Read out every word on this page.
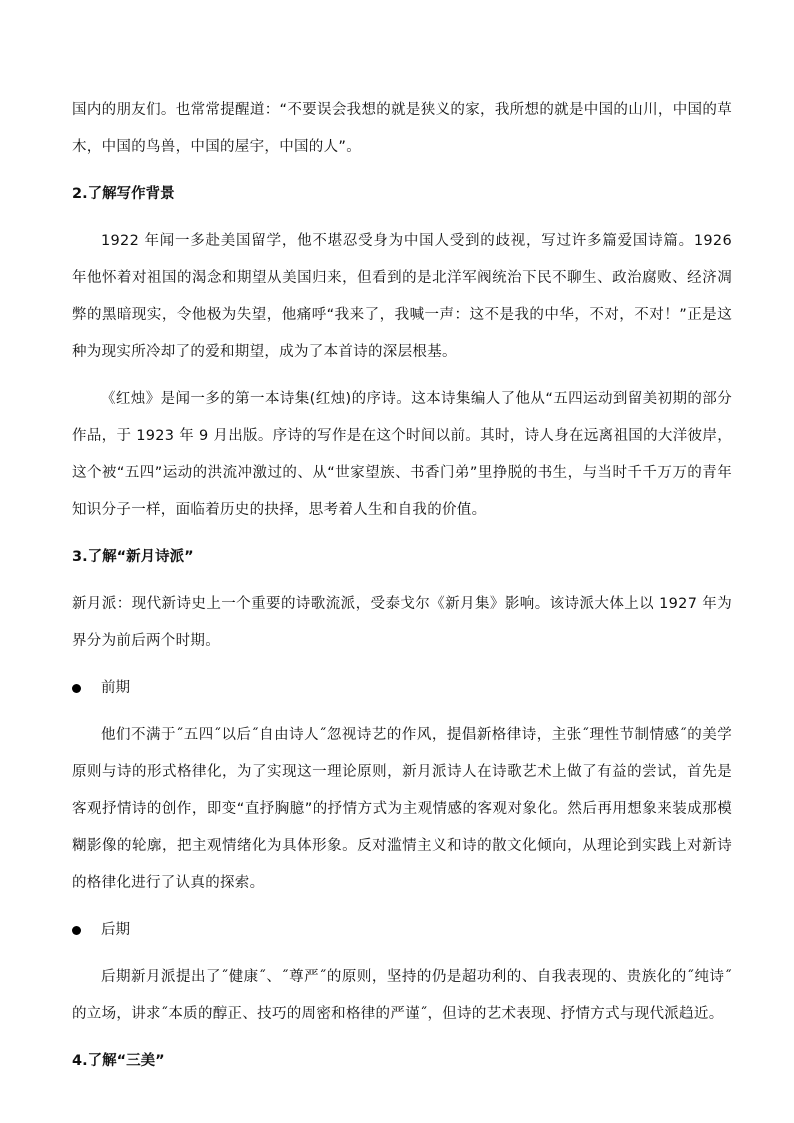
国内的朋友们。也常常提醒道：“不要误会我想的就是狭义的家，我所想的就是中国的山川，中国的草木，中国的鸟兽，中国的屋宇，中国的人”。

2.了解写作背景

1922 年闻一多赴美国留学，他不堪忍受身为中国人受到的歧视，写过许多篇爱国诗篇。1926 年他怀着对祖国的渴念和期望从美国归来，但看到的是北洋军阀统治下民不聊生、政治腐败、经济凋弊的黑暗现实，令他极为失望，他痛呼“我来了，我喊一声：这不是我的中华，不对，不对！”正是这种为现实所冷却了的爱和期望，成为了本首诗的深层根基。

《红烛》是闻一多的第一本诗集(红烛)的序诗。这本诗集编人了他从“五四运动到留美初期的部分作品，于 1923 年 9 月出版。序诗的写作是在这个时间以前。其时，诗人身在远离祖国的大洋彼岸，这个被“五四”运动的洪流冲激过的、从“世家望族、书香门弟”里挣脱的书生，与当时千千万万的青年知识分子一样，面临着历史的抉择，思考着人生和自我的价值。

3.了解“新月诗派”

新月派：现代新诗史上一个重要的诗歌流派，受泰戈尔《新月集》影响。该诗派大体上以 1927 年为界分为前后两个时期。

前期

他们不满于˝五四˝以后˝自由诗人˝忽视诗艺的作风，提倡新格律诗，主张˝理性节制情感˝的美学原则与诗的形式格律化，为了实现这一理论原则，新月派诗人在诗歌艺术上做了有益的尝试，首先是客观抒情诗的创作，即变“直抒胸臆”的抒情方式为主观情感的客观对象化。然后再用想象来装成那模糊影像的轮廓，把主观情绪化为具体形象。反对滥情主义和诗的散文化倾向，从理论到实践上对新诗的格律化进行了认真的探索。

后期

后期新月派提出了˝健康˝、˝尊严˝的原则，坚持的仍是超功利的、自我表现的、贵族化的˝纯诗˝的立场，讲求˝本质的醇正、技巧的周密和格律的严谨˝，但诗的艺术表现、抒情方式与现代派趋近。

4.了解“三美”
